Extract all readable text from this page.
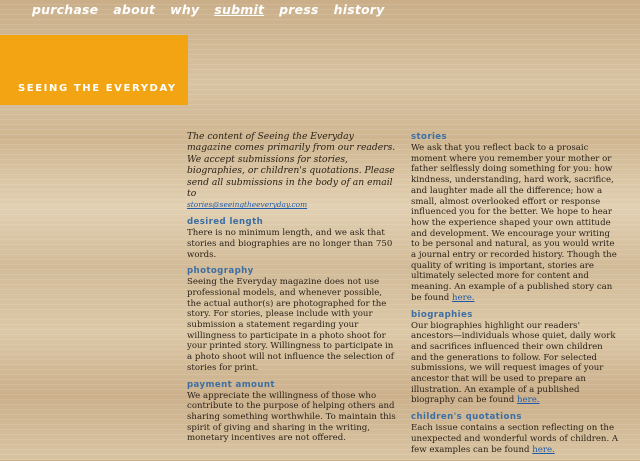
purchase about why submit press history
SEEING THE EVERYDAY

The content of Seeing the Everyday magazine comes primarily from our readers. We accept submissions for stories, biographies, or children's quotations. Please send all submissions in the body of an email to

stories@seeingtheeveryday.com
desired length

There is no minimum length, and we ask that stories and biographies are no longer than 750 words.

photography

Seeing the Everyday magazine does not use professional models, and whenever possible, the actual author(s) are photographed for the story. For stories, please include with your submission a statement regarding your willingness to participate in a photo shoot for your printed story. Willingness to participate in a photo shoot will not influence the selection of stories for print.

payment amount

We appreciate the willingness of those who contribute to the purpose of helping others and sharing something worthwhile. To maintain this spirit of giving and sharing in the writing, monetary incentives are not offered.

stories

We ask that you reflect back to a prosaic moment where you remember your mother or father selflessly doing something for you: how kindness, understanding, hard work, sacrifice, and laughter made all the difference; how a small, almost overlooked effort or response influenced you for the better. We hope to hear how the experience shaped your own attitude and development. We encourage your writing to be personal and natural, as you would write a journal entry or recorded history. Though the quality of writing is important, stories are ultimately selected more for content and meaning. An example of a published story can be found here.

biographies

Our biographies highlight our readers' ancestors—individuals whose quiet, daily work and sacrifices influenced their own children and the generations to follow. For selected submissions, we will request images of your ancestor that will be used to prepare an illustration. An example of a published biography can be found here.

children's quotations

Each issue contains a section reflecting on the unexpected and wonderful words of children. A few examples can be found here.
